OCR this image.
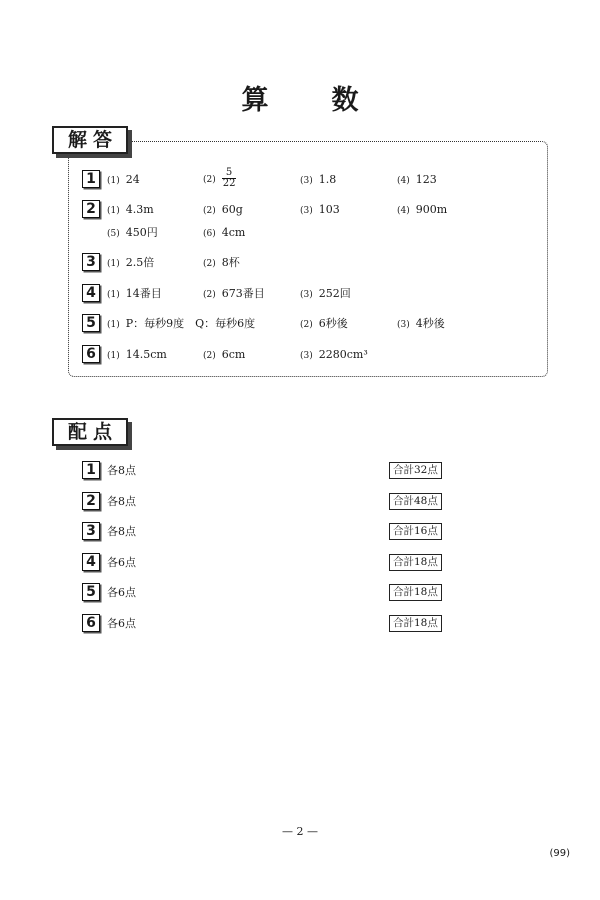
算　数
解答
1	(1) 24	$(2) \frac{5}{22}$	(3) 1.8	(4) 123
2	(1) 4.3m	(2) 60g	(3) 103	(4) 900m
(5) 450円	(6) 4cm
3	(1) 2.5倍	(2) 8杯
4	(1) 14番目	(2) 673番目	(3) 252回
5	(1) P：毎秒9度　Q：毎秒6度	(2) 6秒後	(3) 4秒後
6	(1) 14.5cm	(2) 6cm	(3) 2280cm³
配点
1	各8点	合計32点
2	各8点	合計48点
3	各8点	合計16点
4	各6点	合計18点
5	各6点	合計18点
6	各6点	合計18点
— 2 —
(99)
